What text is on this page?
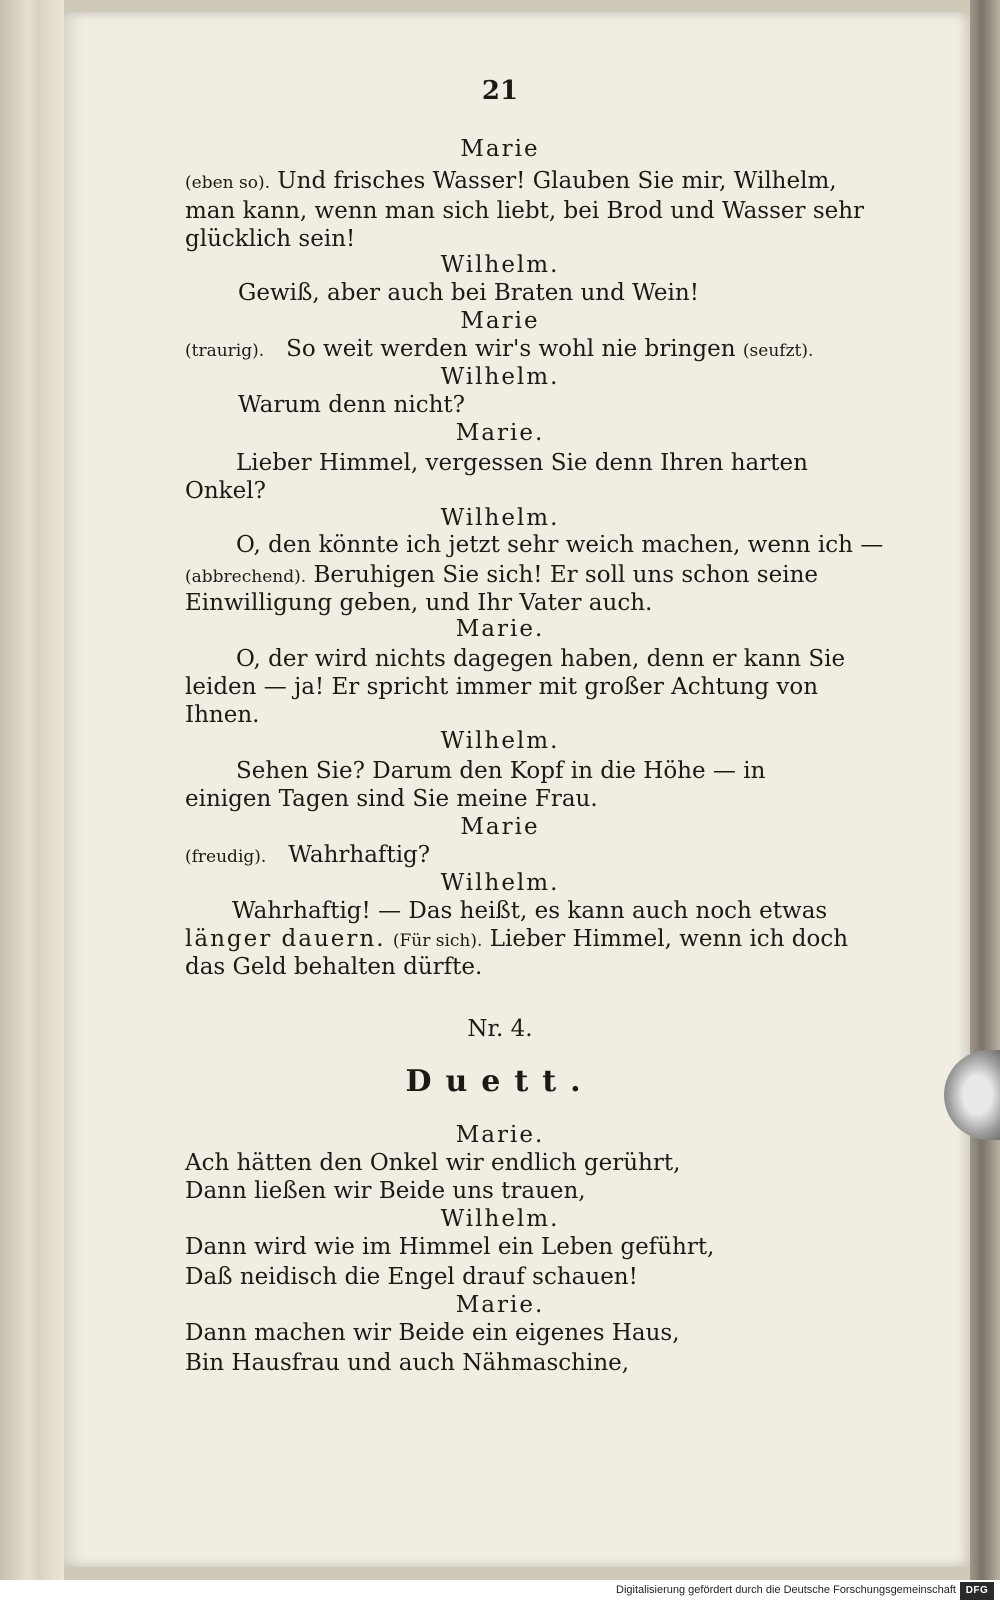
21
Marie
(eben so). Und frisches Wasser! Glauben Sie mir, Wilhelm,
man kann, wenn man sich liebt, bei Brod und Wasser sehr
glücklich sein!
Wilhelm.
Gewiß, aber auch bei Braten und Wein!
Marie
(traurig). So weit werden wir's wohl nie bringen (seufzt).
Wilhelm.
Warum denn nicht?
Marie.
Lieber Himmel, vergessen Sie denn Ihren harten
Onkel?
Wilhelm.
O, den könnte ich jetzt sehr weich machen, wenn ich —
(abbrechend). Beruhigen Sie sich! Er soll uns schon seine
Einwilligung geben, und Ihr Vater auch.
Marie.
O, der wird nichts dagegen haben, denn er kann Sie
leiden — ja! Er spricht immer mit großer Achtung von
Ihnen.
Wilhelm.
Sehen Sie? Darum den Kopf in die Höhe — in
einigen Tagen sind Sie meine Frau.
Marie
(freudig). Wahrhaftig?
Wilhelm.
Wahrhaftig! — Das heißt, es kann auch noch etwas
länger dauern. (Für sich). Lieber Himmel, wenn ich doch
das Geld behalten dürfte.
Nr. 4.
Duett.
Marie.
Ach hätten den Onkel wir endlich gerührt,
Dann ließen wir Beide uns trauen,
Wilhelm.
Dann wird wie im Himmel ein Leben geführt,
Daß neidisch die Engel drauf schauen!
Marie.
Dann machen wir Beide ein eigenes Haus,
Bin Hausfrau und auch Nähmaschine,
Digitalisierung gefördert durch die Deutsche Forschungsgemeinschaft DFG
